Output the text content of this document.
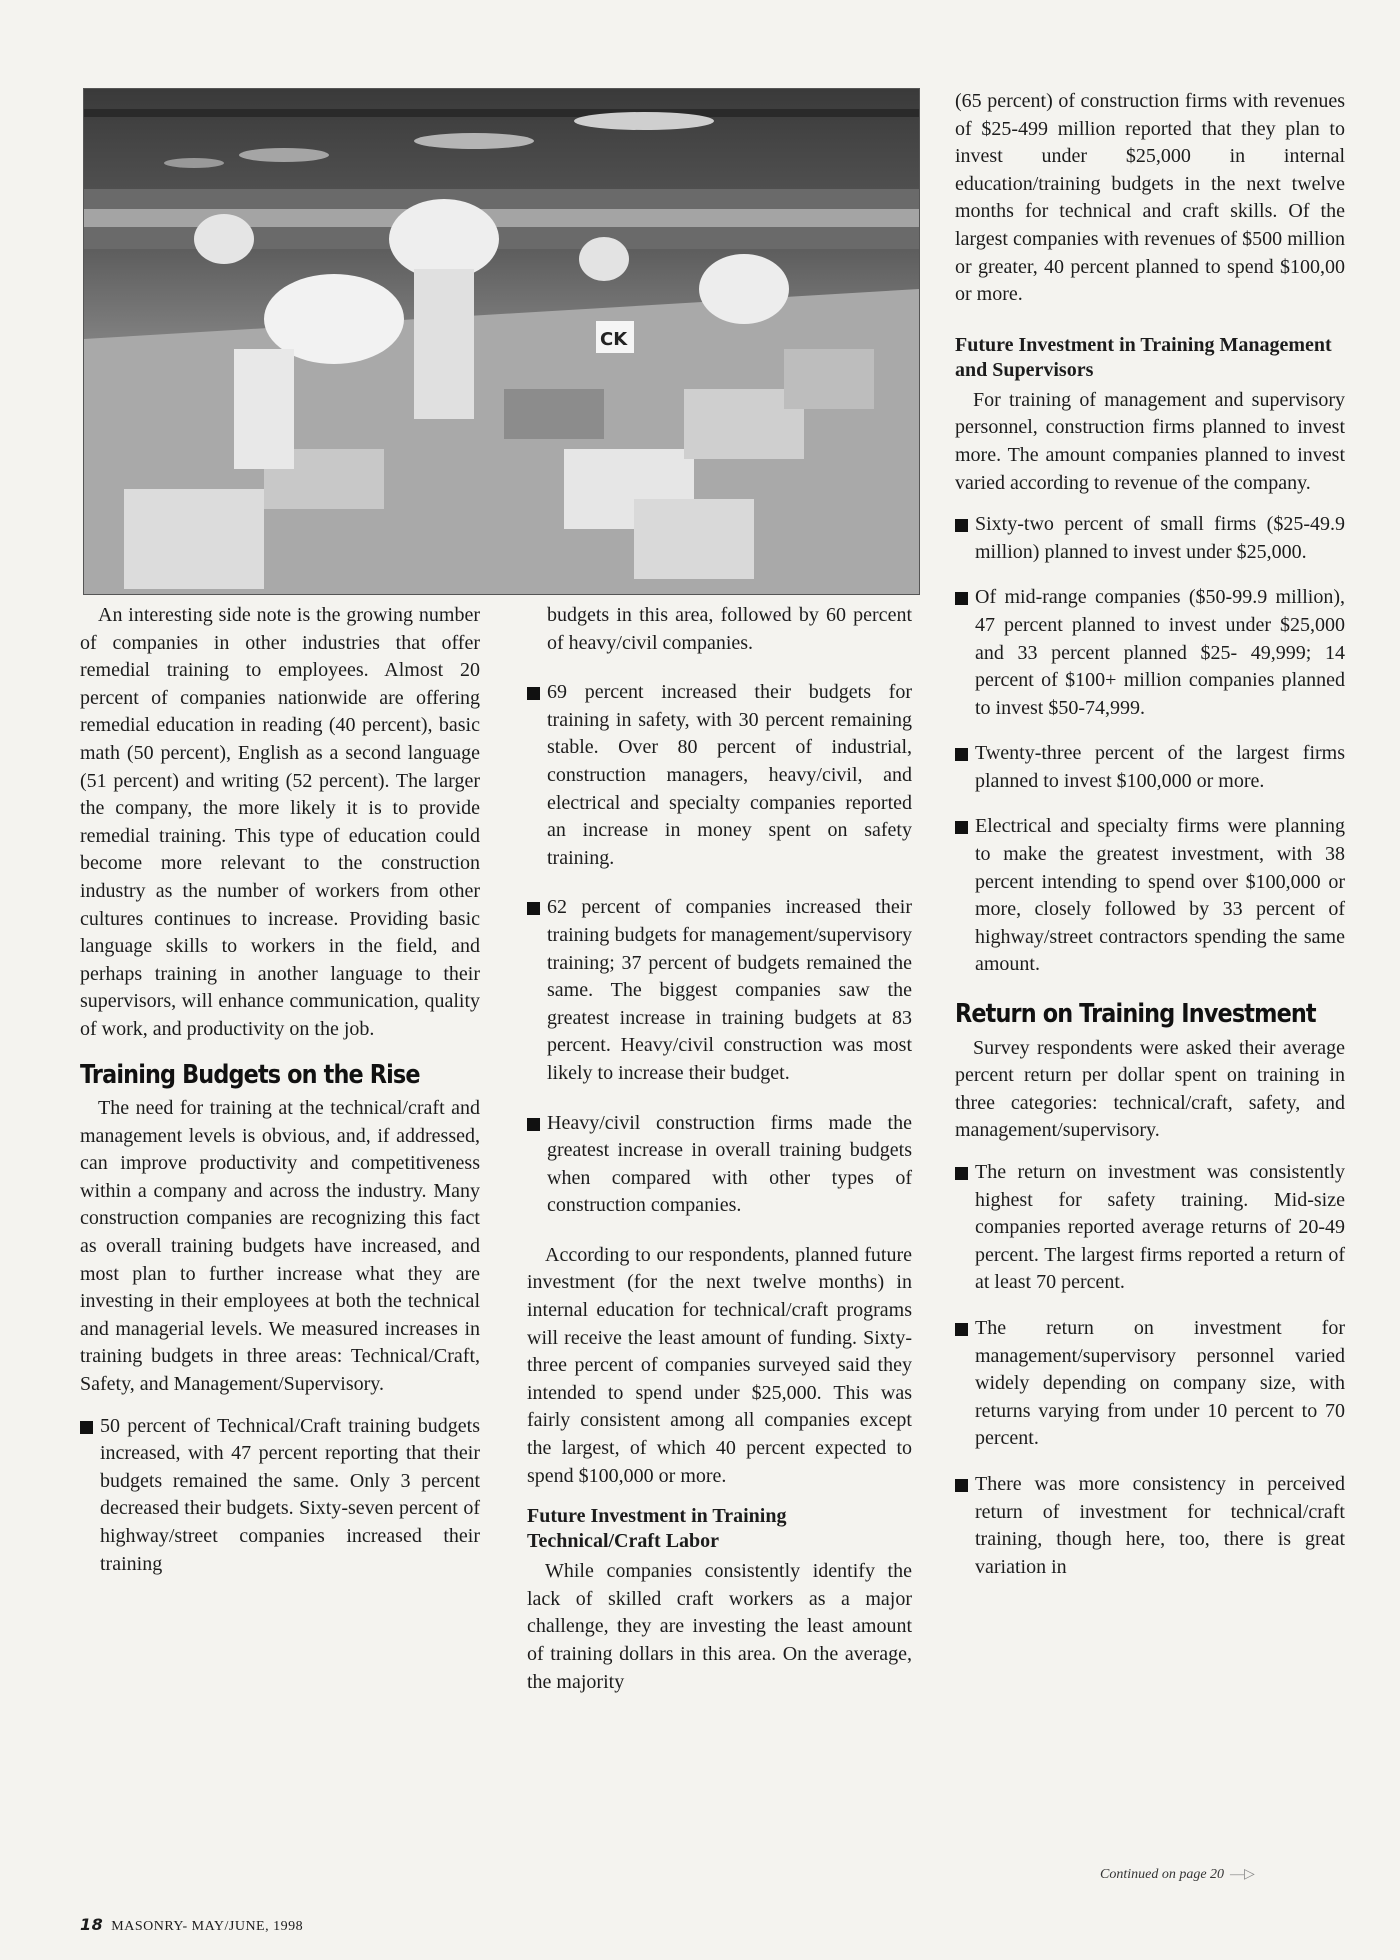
CK

An interesting side note is the growing number of companies in other industries that offer remedial training to employees. Almost 20 percent of companies nationwide are offering remedial education in reading (40 percent), basic math (50 percent), English as a second language (51 percent) and writing (52 percent). The larger the company, the more likely it is to provide remedial training. This type of education could become more relevant to the construction industry as the number of workers from other cultures continues to increase. Providing basic language skills to workers in the field, and perhaps training in another language to their supervisors, will enhance communication, quality of work, and productivity on the job.

Training Budgets on the Rise

The need for training at the technical/craft and management levels is obvious, and, if addressed, can improve productivity and competitiveness within a company and across the industry. Many construction companies are recognizing this fact as overall training budgets have increased, and most plan to further increase what they are investing in their employees at both the technical and managerial levels. We measured increases in training budgets in three areas: Technical/Craft, Safety, and Management/Supervisory.

50 percent of Technical/Craft training budgets increased, with 47 percent reporting that their budgets remained the same. Only 3 percent decreased their budgets. Sixty-seven percent of highway/street companies increased their training
budgets in this area, followed by 60 percent of heavy/civil companies.
69 percent increased their budgets for training in safety, with 30 percent remaining stable. Over 80 percent of industrial, construction managers, heavy/civil, and electrical and specialty companies reported an increase in money spent on safety training.
62 percent of companies increased their training budgets for management/supervisory training; 37 percent of budgets remained the same. The biggest companies saw the greatest increase in training budgets at 83 percent. Heavy/civil construction was most likely to increase their budget.
Heavy/civil construction firms made the greatest increase in overall training budgets when compared with other types of construction companies.

According to our respondents, planned future investment (for the next twelve months) in internal education for technical/craft programs will receive the least amount of funding. Sixty-three percent of companies surveyed said they intended to spend under $25,000. This was fairly consistent among all companies except the largest, of which 40 percent expected to spend $100,000 or more.

Future Investment in Training Technical/Craft Labor

While companies consistently identify the lack of skilled craft workers as a major challenge, they are investing the least amount of training dollars in this area. On the average, the majority

(65 percent) of construction firms with revenues of $25-499 million reported that they plan to invest under $25,000 in internal education/training budgets in the next twelve months for technical and craft skills. Of the largest companies with revenues of $500 million or greater, 40 percent planned to spend $100,00 or more.

Future Investment in Training Management and Supervisors

For training of management and supervisory personnel, construction firms planned to invest more. The amount companies planned to invest varied according to revenue of the company.

Sixty-two percent of small firms ($25-49.9 million) planned to invest under $25,000.
Of mid-range companies ($50-99.9 million), 47 percent planned to invest under $25,000 and 33 percent planned $25- 49,999; 14 percent of $100+ million companies planned to invest $50-74,999.
Twenty-three percent of the largest firms planned to invest $100,000 or more.
Electrical and specialty firms were planning to make the greatest investment, with 38 percent intending to spend over $100,000 or more, closely followed by 33 percent of highway/street contractors spending the same amount.
Return on Training Investment

Survey respondents were asked their average percent return per dollar spent on training in three categories: technical/craft, safety, and management/supervisory.

The return on investment was consistently highest for safety training. Mid-size companies reported average returns of 20-49 percent. The largest firms reported a return of at least 70 percent.
The return on investment for management/supervisory personnel varied widely depending on company size, with returns varying from under 10 percent to 70 percent.
There was more consistency in perceived return of investment for technical/craft training, though here, too, there is great variation in
Continued on page 20 —▷
18 MASONRY- MAY/JUNE, 1998
